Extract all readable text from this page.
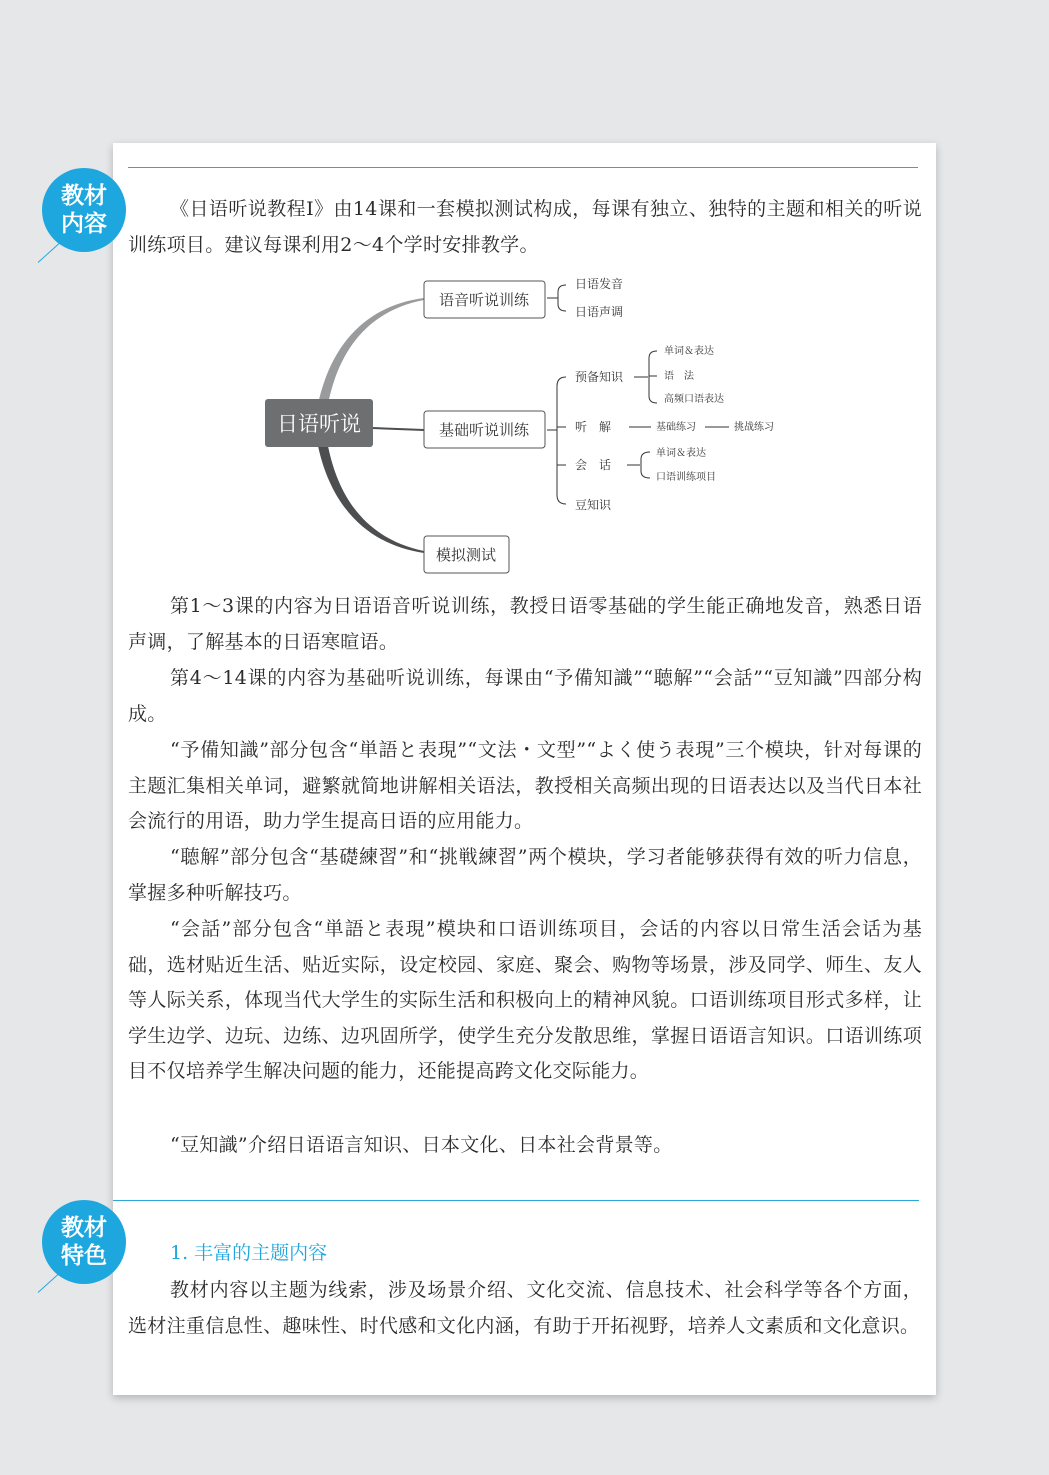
教材
内容

《日语听说教程I》由14课和一套模拟测试构成，每课有独立、独特的主题和相关的听说训练项目。建议每课利用2～4个学时安排教学。

日语听说
语音听说训练
日语发音
日语声调
基础听说训练
预备知识
单词＆表达
语　法
高频口语表达
听　解	基础练习	挑战练习
会　话
单词＆表达
口语训练项目
豆知识
模拟测试

第1～3课的内容为日语语音听说训练，教授日语零基础的学生能正确地发音，熟悉日语声调，了解基本的日语寒暄语。

第4～14课的内容为基础听说训练，每课由“予備知識”“聴解”“会話”“豆知識”四部分构成。

“予備知識”部分包含“単語と表現”“文法・文型”“よく使う表現”三个模块，针对每课的主题汇集相关单词，避繁就简地讲解相关语法，教授相关高频出现的日语表达以及当代日本社会流行的用语，助力学生提高日语的应用能力。

“聴解”部分包含“基礎練習”和“挑戦練習”两个模块，学习者能够获得有效的听力信息，掌握多种听解技巧。

“会話”部分包含“単語と表現”模块和口语训练项目，会话的内容以日常生活会话为基础，选材贴近生活、贴近实际，设定校园、家庭、聚会、购物等场景，涉及同学、师生、友人等人际关系，体现当代大学生的实际生活和积极向上的精神风貌。口语训练项目形式多样，让学生边学、边玩、边练、边巩固所学，使学生充分发散思维，掌握日语语言知识。口语训练项目不仅培养学生解决问题的能力，还能提高跨文化交际能力。

“豆知識”介绍日语语言知识、日本文化、日本社会背景等。

教材
特色	1. 丰富的主题内容

教材内容以主题为线索，涉及场景介绍、文化交流、信息技术、社会科学等各个方面，选材注重信息性、趣味性、时代感和文化内涵，有助于开拓视野，培养人文素质和文化意识。
